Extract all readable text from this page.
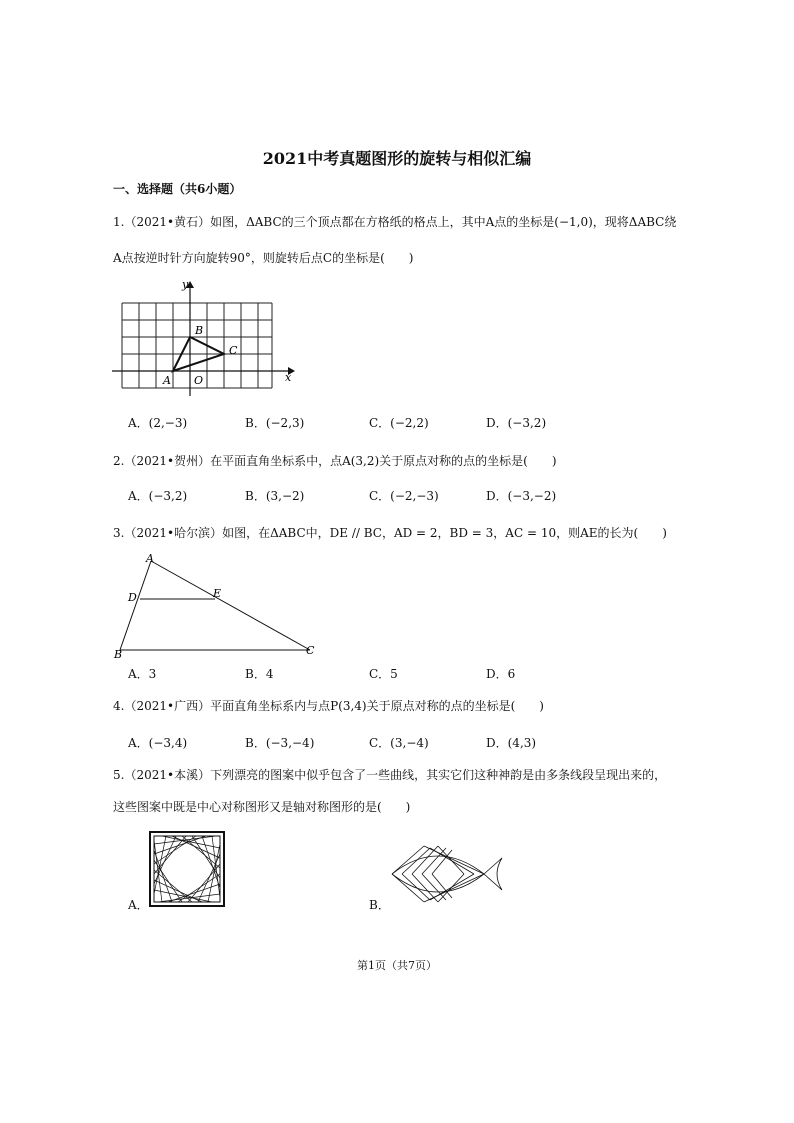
2021中考真题图形的旋转与相似汇编
一、选择题（共6小题）
1.（2021•黄石）如图，ΔABC的三个顶点都在方格纸的格点上，其中A点的坐标是(−1,0)，现将ΔABC绕
A点按逆时针方向旋转90°，则旋转后点C的坐标是(　　)
y
x
A
B
C
O
A．(2,−3)	B．(−2,3)	C．(−2,2)	D．(−3,2)
2.（2021•贺州）在平面直角坐标系中，点A(3,2)关于原点对称的点的坐标是(　　)
A．(−3,2)	B．(3,−2)	C．(−2,−3)	D．(−3,−2)
3.（2021•哈尔滨）如图，在ΔABC中，DE // BC，AD = 2，BD = 3，AC = 10，则AE的长为(　　)
A
B	C
D	E
A．3	B．4	C．5	D．6
4.（2021•广西）平面直角坐标系内与点P(3,4)关于原点对称的点的坐标是(　　)
A．(−3,4)	B．(−3,−4)	C．(3,−4)	D．(4,3)
5.（2021•本溪）下列漂亮的图案中似乎包含了一些曲线，其实它们这种神韵是由多条线段呈现出来的，
这些图案中既是中心对称图形又是轴对称图形的是(　　)
A．	B．
第1页（共7页）
